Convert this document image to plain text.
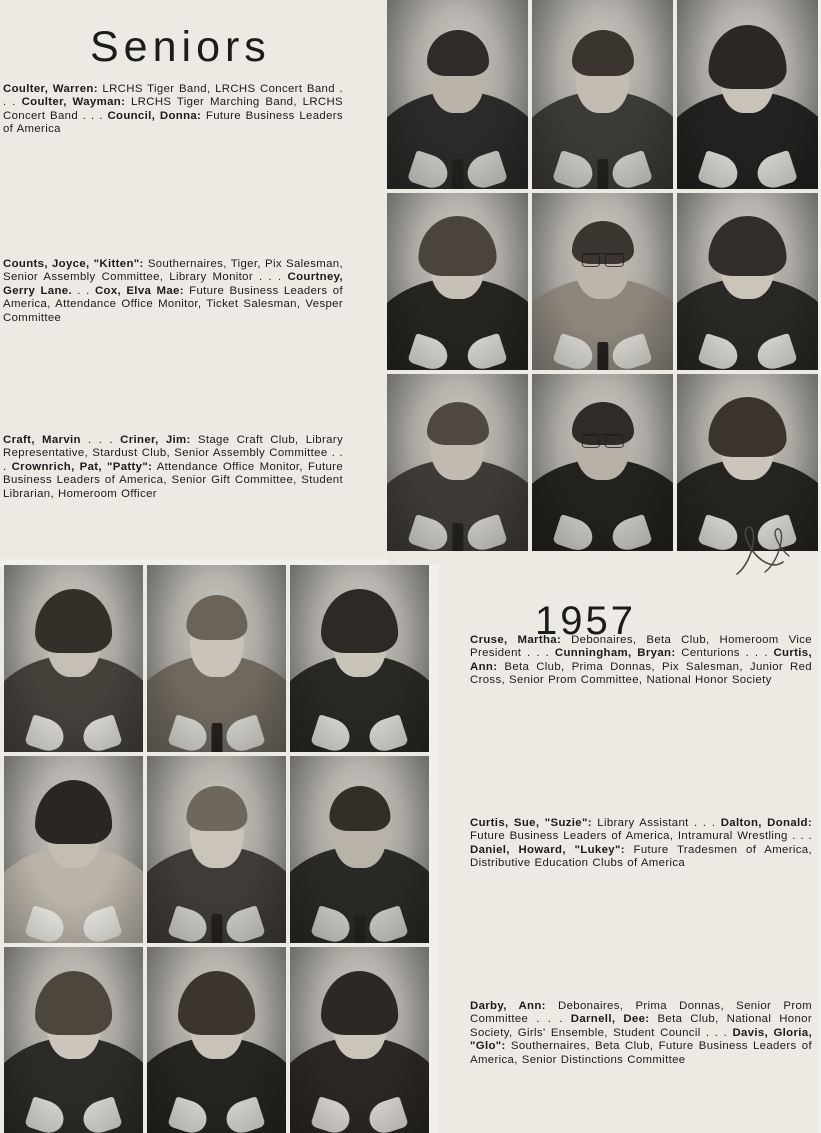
Seniors
Coulter, Warren: LRCHS Tiger Band, LRCHS Concert Band . . . Coulter, Wayman: LRCHS Tiger Marching Band, LRCHS Concert Band . . . Council, Donna: Future Business Leaders of America
Counts, Joyce, "Kitten": Southernaires, Tiger, Pix Salesman, Senior Assembly Committee, Library Monitor . . . Courtney, Gerry Lane. . . Cox, Elva Mae: Future Business Leaders of America, Attendance Office Monitor, Ticket Salesman, Vesper Committee
Craft, Marvin . . . Criner, Jim: Stage Craft Club, Library Representative, Stardust Club, Senior Assembly Committee . . . Crownrich, Pat, "Patty": Attendance Office Monitor, Future Business Leaders of America, Senior Gift Committee, Student Librarian, Homeroom Officer
1957
Cruse, Martha: Debonaires, Beta Club, Homeroom Vice President . . . Cunningham, Bryan: Centurions . . . Curtis, Ann: Beta Club, Prima Donnas, Pix Salesman, Junior Red Cross, Senior Prom Committee, National Honor Society
Curtis, Sue, "Suzie": Library Assistant . . . Dalton, Donald: Future Business Leaders of America, Intramural Wrestling . . . Daniel, Howard, "Lukey": Future Tradesmen of America, Distributive Education Clubs of America
Darby, Ann: Debonaires, Prima Donnas, Senior Prom Committee . . . Darnell, Dee: Beta Club, National Honor Society, Girls' Ensemble, Student Council . . . Davis, Gloria, "Glo": Southernaires, Beta Club, Future Business Leaders of America, Senior Distinctions Committee
